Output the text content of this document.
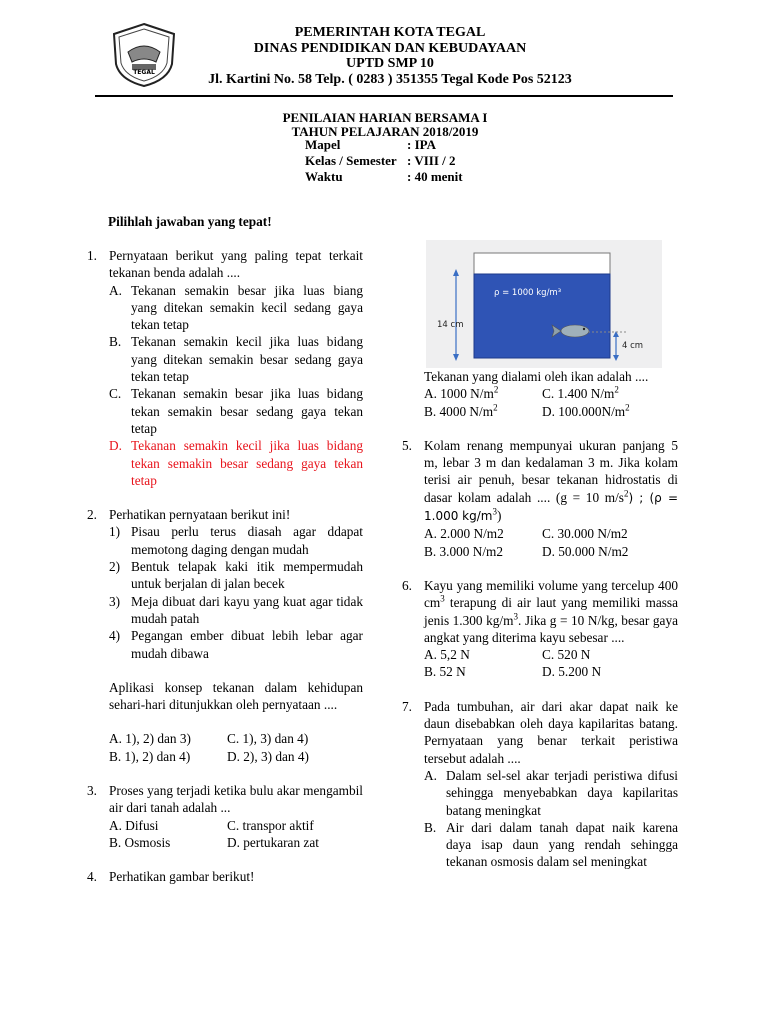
TEGAL
PEMERINTAH KOTA TEGAL
DINAS PENDIDIKAN DAN KEBUDAYAAN
UPTD SMP 10
Jl. Kartini No. 58 Telp. ( 0283 ) 351355 Tegal Kode Pos 52123
PENILAIAN HARIAN BERSAMA I
TAHUN PELAJARAN 2018/2019
Mapel	: IPA
Kelas / Semester : VIII / 2
Waktu	: 40 menit
Pilihlah jawaban yang tepat!
1. Pernyataan berikut yang paling tepat terkait tekanan benda adalah ....
A. Tekanan semakin besar jika luas biang yang ditekan semakin kecil sedang gaya tekan tetap
B. Tekanan semakin kecil jika luas bidang yang ditekan semakin besar sedang gaya tekan tetap
C. Tekanan semakin besar jika luas bidang tekan semakin besar sedang gaya tekan tetap
D. Tekanan semakin kecil jika luas bidang tekan semakin besar sedang gaya tekan tetap
2. Perhatikan pernyataan berikut ini!
1) Pisau perlu terus diasah agar ddapat memotong daging dengan mudah
2) Bentuk telapak kaki itik mempermudah untuk berjalan di jalan becek
3) Meja dibuat dari kayu yang kuat agar tidak mudah patah
4) Pegangan ember dibuat lebih lebar agar mudah dibawa
Aplikasi konsep tekanan dalam kehidupan sehari-hari ditunjukkan oleh pernyataan ....
A. 1), 2) dan 3)	C. 1), 3) dan 4)
B. 1), 2) dan 4)	D. 2), 3) dan 4)
3. Proses yang terjadi ketika bulu akar mengambil air dari tanah adalah ...
A. Difusi	C. transpor aktif
B. Osmosis	D. pertukaran zat
4. Perhatikan gambar berikut!
ρ = 1000 kg/m³
14 cm
4 cm
Tekanan yang dialami oleh ikan adalah ....
A. 1000 $N/m^2$	C. 1.400 $N/m^2$
B. 4000 $N/m^2$	D. $100.000N/m^2$
5. Kolam renang mempunyai ukuran panjang 5 m, lebar 3 m dan kedalaman 3 m. Jika kolam terisi air penuh, besar tekanan hidrostatis di dasar kolam adalah .... (g = 10 $m/s^2$) ; (ρ = 1.000 $kg/m^3$)
A. 2.000 N/m2	C. 30.000 N/m2
B. 3.000 N/m2	D. 50.000 N/m2
6. Kayu yang memiliki volume yang tercelup 400 $cm^3$ terapung di air laut yang memiliki massa jenis 1.300 $kg/m^3$. Jika g = 10 N/kg, besar gaya angkat yang diterima kayu sebesar ....
A. 5,2 N	C. 520 N
B. 52 N	D. 5.200 N
7. Pada tumbuhan, air dari akar dapat naik ke daun disebabkan oleh daya kapilaritas batang. Pernyataan yang benar terkait peristiwa tersebut adalah ....
A. Dalam sel-sel akar terjadi peristiwa difusi sehingga menyebabkan daya kapilaritas batang meningkat
B. Air dari dalam tanah dapat naik karena daya isap daun yang rendah sehingga tekanan osmosis dalam sel meningkat
